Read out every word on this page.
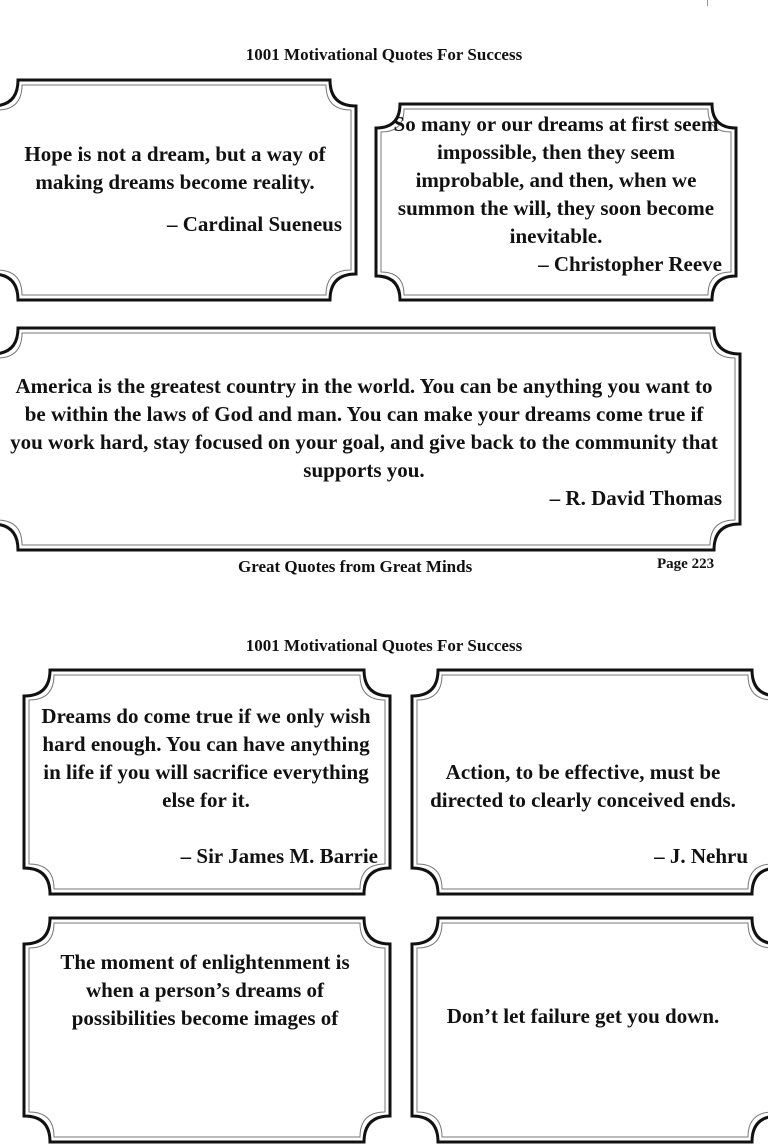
1001 Motivational Quotes For Success
Hope is not a dream, but a way of making dreams become reality.
– Cardinal Sueneus
So many or our dreams at first seem impossible, then they seem improbable, and then, when we summon the will, they soon become inevitable.
– Christopher Reeve
America is the greatest country in the world. You can be anything you want to be within the laws of God and man. You can make your dreams come true if you work hard, stay focused on your goal, and give back to the community that supports you.
– R. David Thomas
Great Quotes from Great Minds	Page 223
1001 Motivational Quotes For Success
Dreams do come true if we only wish hard enough. You can have anything in life if you will sacrifice everything else for it.
– Sir James M. Barrie
Action, to be effective, must be directed to clearly conceived ends.
– J. Nehru
The moment of enlightenment is when a person’s dreams of possibilities become images of	Don’t let failure get you down.
